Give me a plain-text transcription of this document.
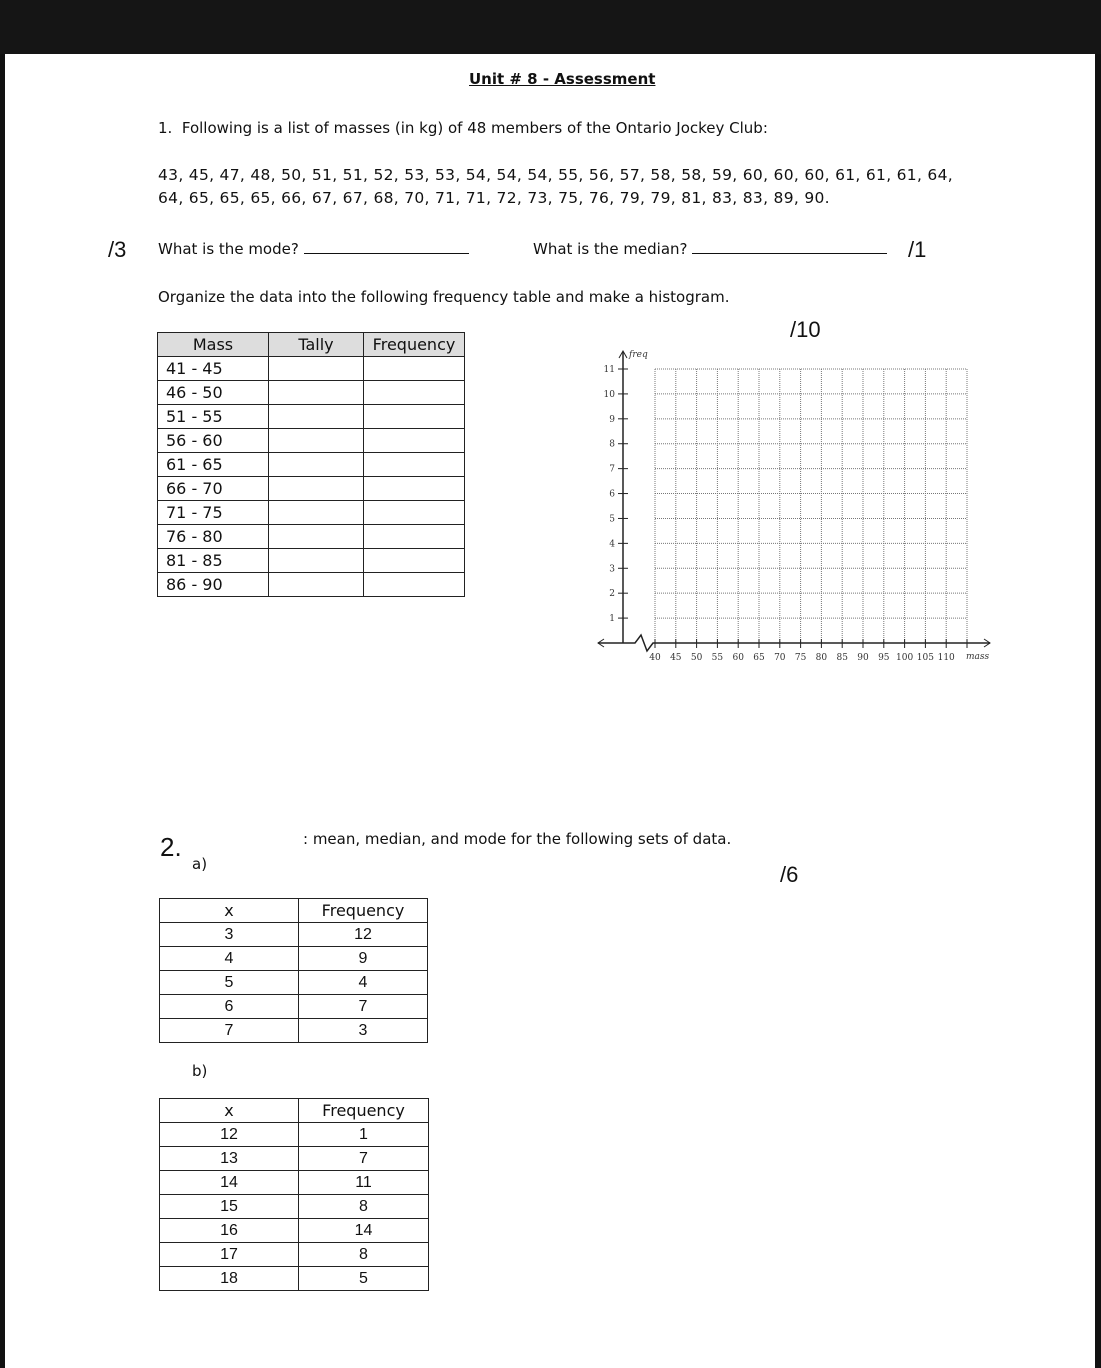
Unit # 8 - Assessment
1. Following is a list of masses (in kg) of 48 members of the Ontario Jockey Club:
43, 45, 47, 48, 50, 51, 51, 52, 53, 53, 54, 54, 54, 55, 56, 57, 58, 58, 59, 60, 60, 60, 61, 61, 61, 64,
64, 65, 65, 65, 66, 67, 67, 68, 70, 71, 71, 72, 73, 75, 76, 79, 79, 81, 83, 83, 89, 90.
/3 What is the mode?	What is the median?	/1
Organize the data into the following frequency table and make a histogram.
/10
Mass	Tally	Frequency
41 - 45		
46 - 50		
51 - 55		
56 - 60		
61 - 65		
66 - 70		
71 - 75		
76 - 80		
81 - 85		
86 - 90		
40 45 50 55 60 65 70 75 80 85 90 95 100 105 110
1
2
3
4
5
6
7
8
9
10
11
freq
mass
2.
a)
: mean, median, and mode for the following sets of data.
/6
x	Frequency
3	12
4	9
5	4
6	7
7	3
b)
x	Frequency
12	1
13	7
14	11
15	8
16	14
17	8
18	5
